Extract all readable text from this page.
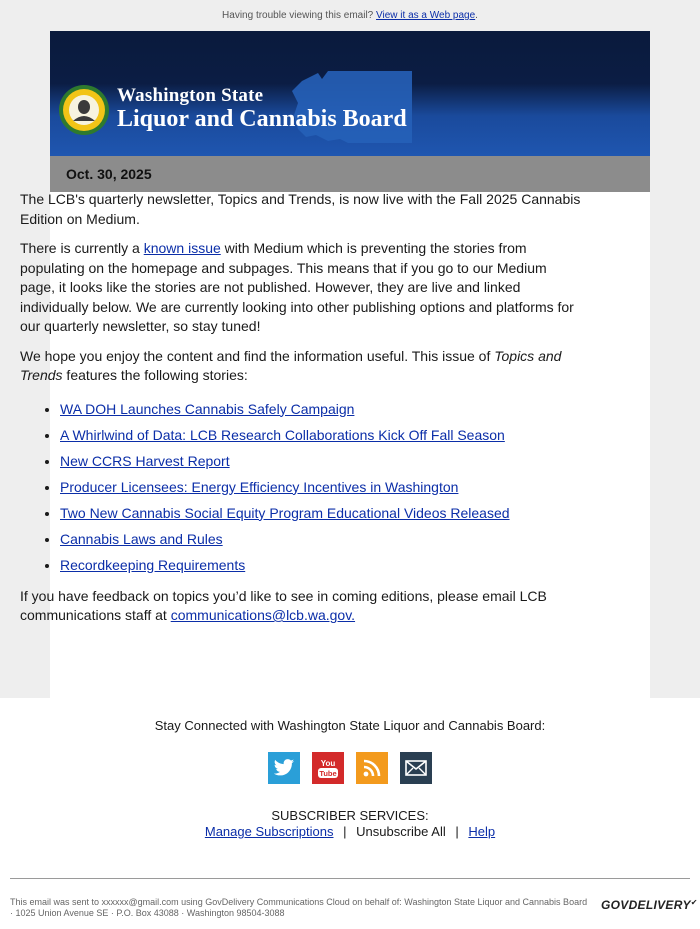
Having trouble viewing this email? View it as a Web page.
Washington State
Liquor and Cannabis Board
Oct. 30, 2025

The LCB's quarterly newsletter, Topics and Trends, is now live with the Fall 2025 Cannabis Edition on Medium.

There is currently a known issue with Medium which is preventing the stories from populating on the homepage and subpages. This means that if you go to our Medium page, it looks like the stories are not published. However, they are live and linked individually below. We are currently looking into other publishing options and platforms for our quarterly newsletter, so stay tuned!

We hope you enjoy the content and find the information useful. This issue of Topics and Trends features the following stories:

WA DOH Launches Cannabis Safely Campaign
A Whirlwind of Data: LCB Research Collaborations Kick Off Fall Season
New CCRS Harvest Report
Producer Licensees: Energy Efficiency Incentives in Washington
Two New Cannabis Social Equity Program Educational Videos Released
Cannabis Laws and Rules
Recordkeeping Requirements

If you have feedback on topics you’d like to see in coming editions, please email LCB communications staff at communications@lcb.wa.gov.

Stay Connected with Washington State Liquor and Cannabis Board:
You
Tube
SUBSCRIBER SERVICES:
Manage Subscriptions | Unsubscribe All | Help
This email was sent to xxxxxx@gmail.com using GovDelivery Communications Cloud on behalf of: Washington State Liquor and Cannabis Board · 1025 Union Avenue SE · P.O. Box 43088 · Washington 98504-3088
GOVDELIVERY✔
